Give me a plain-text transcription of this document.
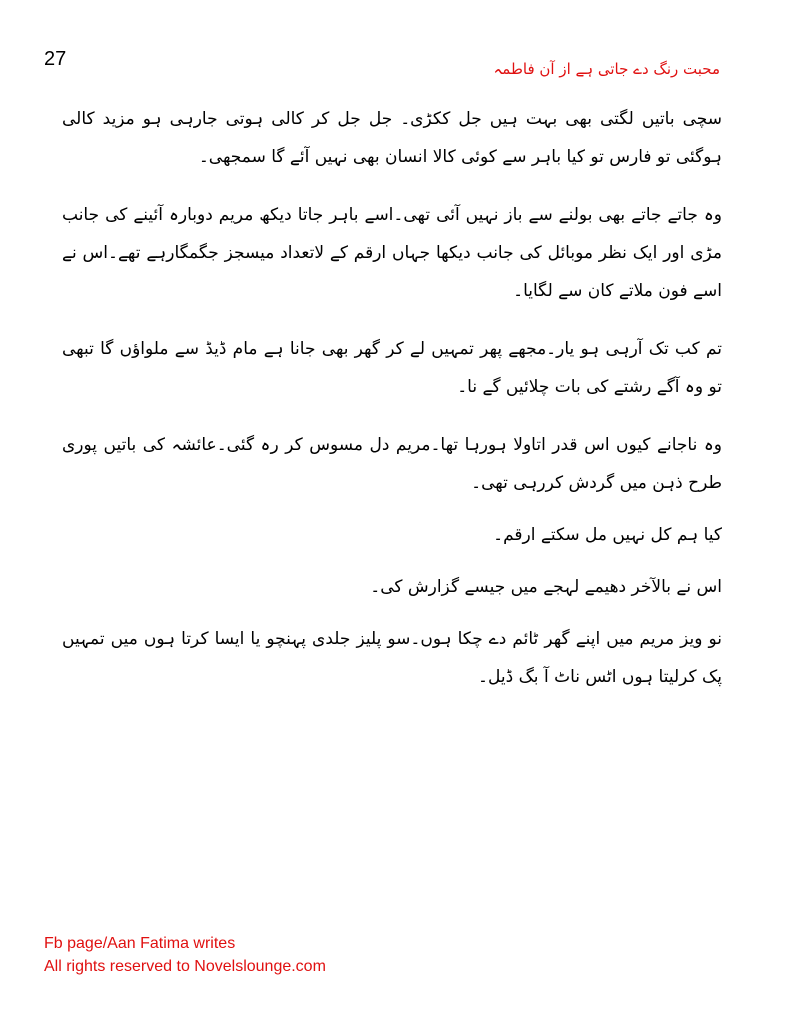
27	محبت رنگ دے جاتی ہے از آن فاطمہ

سچی باتیں لگتی بھی بہت ہیں جل ککڑی۔ جل جل کر کالی ہوتی جارہی ہو مزید کالی ہوگئی تو فارس تو کیا باہر سے کوئی کالا انسان بھی نہیں آئے گا سمجھی۔

وہ جاتے جاتے بھی بولنے سے باز نہیں آئی تھی۔اسے باہر جاتا دیکھ مریم دوبارہ آئینے کی جانب مڑی اور ایک نظر موبائل کی جانب دیکھا جہاں ارقم کے لاتعداد میسجز جگمگارہے تھے۔اس نے اسے فون ملاتے کان سے لگایا۔

تم کب تک آرہی ہو یار۔مجھے پھر تمہیں لے کر گھر بھی جانا ہے مام ڈیڈ سے ملواؤں گا تبھی تو وہ آگے رشتے کی بات چلائیں گے نا۔

وہ ناجانے کیوں اس قدر اتاولا ہورہا تھا۔مریم دل مسوس کر رہ گئی۔عائشہ کی باتیں پوری طرح ذہن میں گردش کررہی تھی۔

کیا ہم کل نہیں مل سکتے ارقم۔

اس نے بالآخر دھیمے لہجے میں جیسے گزارش کی۔

نو ویز مریم میں اپنے گھر ٹائم دے چکا ہوں۔سو پلیز جلدی پہنچو یا ایسا کرتا ہوں میں تمہیں پک کرلیتا ہوں اٹس ناٹ آ بگ ڈیل۔

Fb page/Aan Fatima writes
All rights reserved to Novelslounge.com
